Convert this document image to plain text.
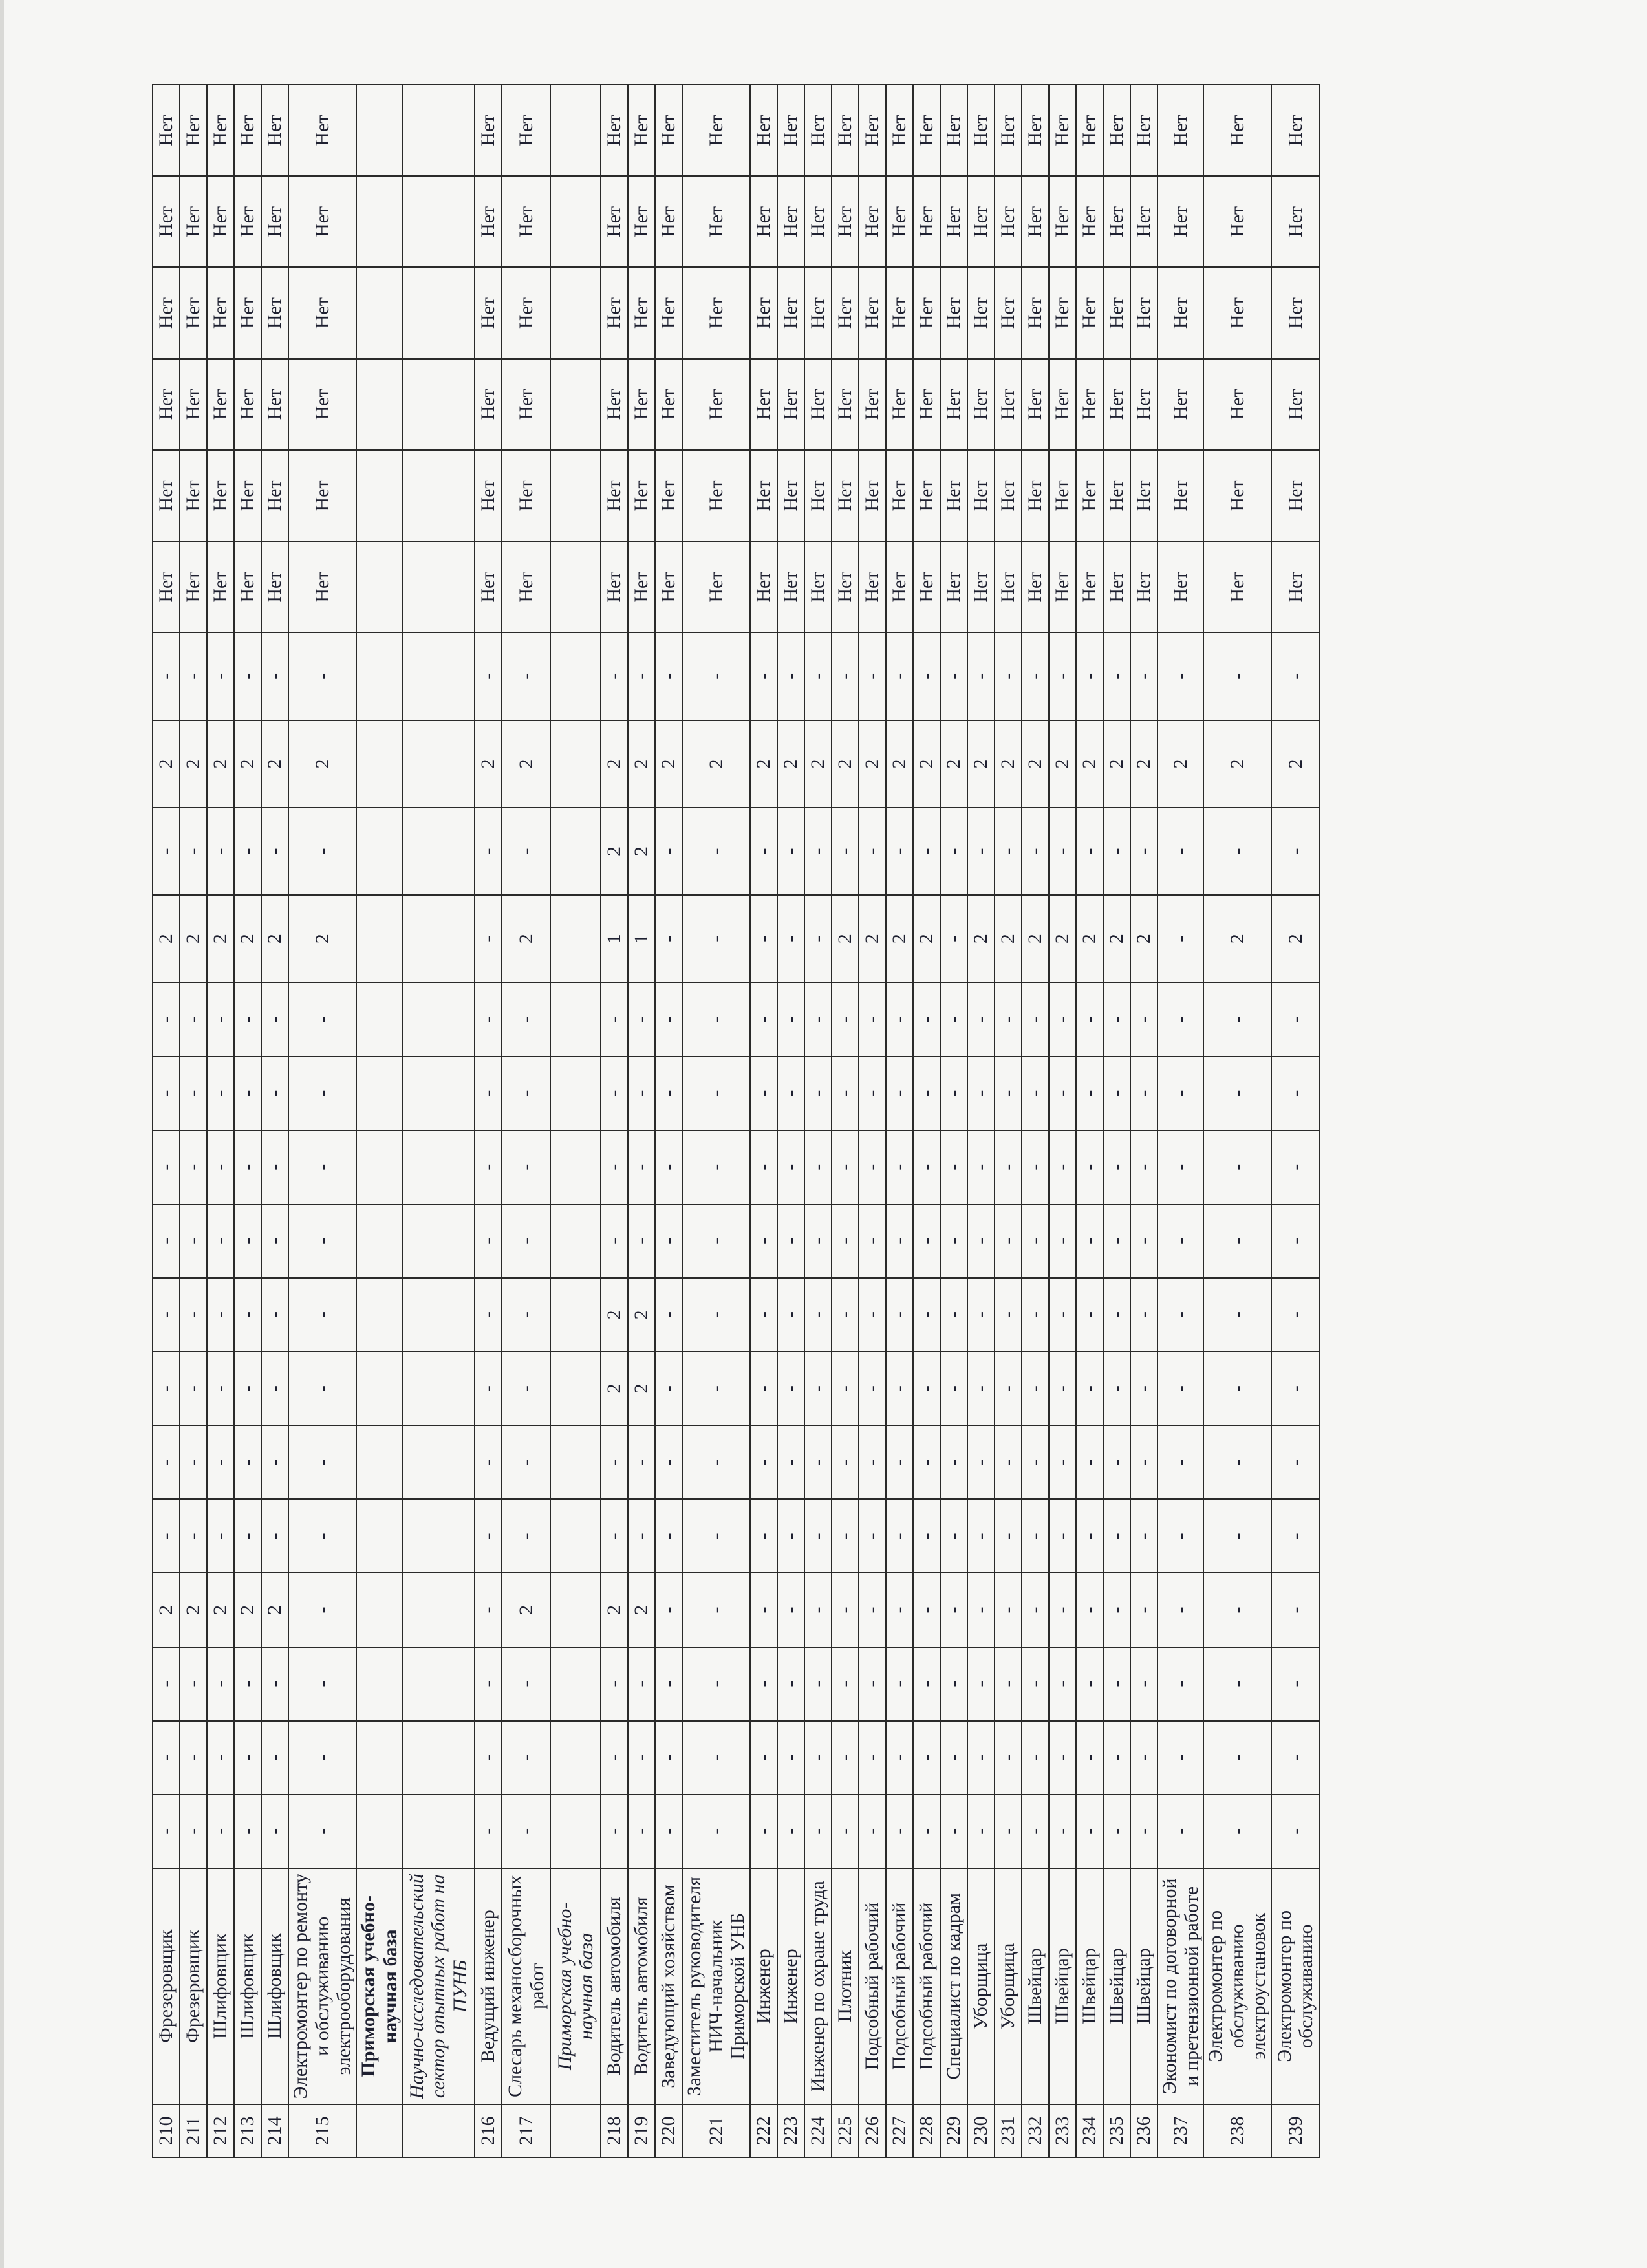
210	Фрезеровщик	-	-	-	2	-	-	-	-	-	-	-	-	2	-	2	-	Нет	Нет	Нет	Нет	Нет	Нет
211	Фрезеровщик	-	-	-	2	-	-	-	-	-	-	-	-	2	-	2	-	Нет	Нет	Нет	Нет	Нет	Нет
212	Шлифовщик	-	-	-	2	-	-	-	-	-	-	-	-	2	-	2	-	Нет	Нет	Нет	Нет	Нет	Нет
213	Шлифовщик	-	-	-	2	-	-	-	-	-	-	-	-	2	-	2	-	Нет	Нет	Нет	Нет	Нет	Нет
214	Шлифовщик	-	-	-	2	-	-	-	-	-	-	-	-	2	-	2	-	Нет	Нет	Нет	Нет	Нет	Нет
215	Электромонтер по ремонту и обслуживанию электрооборудования	-	-	-	-	-	-	-	-	-	-	-	-	2	-	2	-	Нет	Нет	Нет	Нет	Нет	Нет
	Приморская учебно-научная база																						
	Научно-исследовательский сектор опытных работ на ПУНБ																						
216	Ведущий инженер	-	-	-	-	-	-	-	-	-	-	-	-	-	-	2	-	Нет	Нет	Нет	Нет	Нет	Нет
217	Слесарь механосборочных работ	-	-	-	2	-	-	-	-	-	-	-	-	2	-	2	-	Нет	Нет	Нет	Нет	Нет	Нет
	Приморская учебно-научная база																						
218	Водитель автомобиля	-	-	-	2	-	-	2	2	-	-	-	-	1	2	2	-	Нет	Нет	Нет	Нет	Нет	Нет
219	Водитель автомобиля	-	-	-	2	-	-	2	2	-	-	-	-	1	2	2	-	Нет	Нет	Нет	Нет	Нет	Нет
220	Заведующий хозяйством	-	-	-	-	-	-	-	-	-	-	-	-	-	-	2	-	Нет	Нет	Нет	Нет	Нет	Нет
221	Заместитель руководителя НИЧ-начальник Приморской УНБ	-	-	-	-	-	-	-	-	-	-	-	-	-	-	2	-	Нет	Нет	Нет	Нет	Нет	Нет
222	Инженер	-	-	-	-	-	-	-	-	-	-	-	-	-	-	2	-	Нет	Нет	Нет	Нет	Нет	Нет
223	Инженер	-	-	-	-	-	-	-	-	-	-	-	-	-	-	2	-	Нет	Нет	Нет	Нет	Нет	Нет
224	Инженер по охране труда	-	-	-	-	-	-	-	-	-	-	-	-	-	-	2	-	Нет	Нет	Нет	Нет	Нет	Нет
225	Плотник	-	-	-	-	-	-	-	-	-	-	-	-	2	-	2	-	Нет	Нет	Нет	Нет	Нет	Нет
226	Подсобный рабочий	-	-	-	-	-	-	-	-	-	-	-	-	2	-	2	-	Нет	Нет	Нет	Нет	Нет	Нет
227	Подсобный рабочий	-	-	-	-	-	-	-	-	-	-	-	-	2	-	2	-	Нет	Нет	Нет	Нет	Нет	Нет
228	Подсобный рабочий	-	-	-	-	-	-	-	-	-	-	-	-	2	-	2	-	Нет	Нет	Нет	Нет	Нет	Нет
229	Специалист по кадрам	-	-	-	-	-	-	-	-	-	-	-	-	-	-	2	-	Нет	Нет	Нет	Нет	Нет	Нет
230	Уборщица	-	-	-	-	-	-	-	-	-	-	-	-	2	-	2	-	Нет	Нет	Нет	Нет	Нет	Нет
231	Уборщица	-	-	-	-	-	-	-	-	-	-	-	-	2	-	2	-	Нет	Нет	Нет	Нет	Нет	Нет
232	Швейцар	-	-	-	-	-	-	-	-	-	-	-	-	2	-	2	-	Нет	Нет	Нет	Нет	Нет	Нет
233	Швейцар	-	-	-	-	-	-	-	-	-	-	-	-	2	-	2	-	Нет	Нет	Нет	Нет	Нет	Нет
234	Швейцар	-	-	-	-	-	-	-	-	-	-	-	-	2	-	2	-	Нет	Нет	Нет	Нет	Нет	Нет
235	Швейцар	-	-	-	-	-	-	-	-	-	-	-	-	2	-	2	-	Нет	Нет	Нет	Нет	Нет	Нет
236	Швейцар	-	-	-	-	-	-	-	-	-	-	-	-	2	-	2	-	Нет	Нет	Нет	Нет	Нет	Нет
237	Экономист по договорной и претензионной работе	-	-	-	-	-	-	-	-	-	-	-	-	-	-	2	-	Нет	Нет	Нет	Нет	Нет	Нет
238	Электромонтер по обслуживанию электроустановок	-	-	-	-	-	-	-	-	-	-	-	-	2	-	2	-	Нет	Нет	Нет	Нет	Нет	Нет
239	Электромонтер по обслуживанию	-	-	-	-	-	-	-	-	-	-	-	-	2	-	2	-	Нет	Нет	Нет	Нет	Нет	Нет
